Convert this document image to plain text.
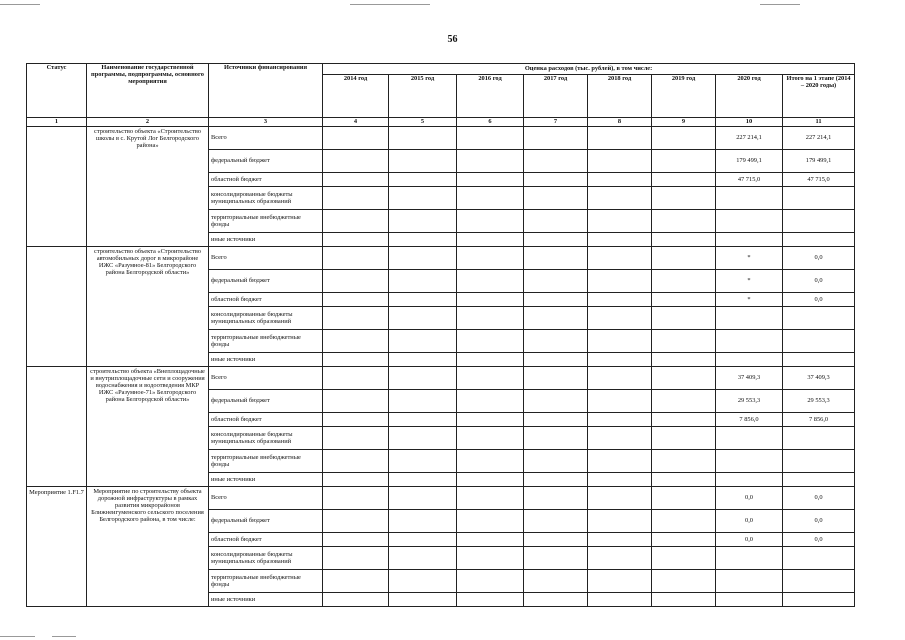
56
Статус	Наименование государственной программы, подпрограммы, основного мероприятия	Источники финансирования	Оценка расходов (тыс. рублей), в том числе:							
			2014 год	2015 год	2016 год	2017 год	2018 год	2019 год	2020 год	Итого на 1 этапе (2014 – 2020 годы)
1	2	3	4	5	6	7	8	9	10	11
	строительство объекта «Строительство школы в с. Крутой Лог Белгородского района»	Всего							227 214,1	227 214,1
		федеральный бюджет							179 499,1	179 499,1
		областной бюджет							47 715,0	47 715,0
		консолидированные бюджеты муниципальных образований								
		территориальные внебюджетные фонды								
		иные источники								
	строительство объекта «Строительство автомобильных дорог в микрорайоне ИЖС «Разумное-81» Белгородского района Белгородской области»	Всего							*	0,0
		федеральный бюджет							*	0,0
		областной бюджет							*	0,0
		консолидированные бюджеты муниципальных образований								
		территориальные внебюджетные фонды								
		иные источники								
	строительство объекта «Внеплощадочные и внутриплощадочные сети и сооружения водоснабжения и водоотведения МКР ИЖС «Разумное-71» Белгородского района Белгородской области»	Всего							37 409,3	37 409,3
		федеральный бюджет							29 553,3	29 553,3
		областной бюджет							7 856,0	7 856,0
		консолидированные бюджеты муниципальных образований								
		территориальные внебюджетные фонды								
		иные источники								
Мероприятие 1.F1.7	Мероприятие по строительству объекта дорожной инфраструктуры в рамках развития микрорайонов Ближнеигуменского сельского поселения Белгородского района, в том числе:	Всего							0,0	0,0
		федеральный бюджет							0,0	0,0
		областной бюджет							0,0	0,0
		консолидированные бюджеты муниципальных образований								
		территориальные внебюджетные фонды								
		иные источники								
